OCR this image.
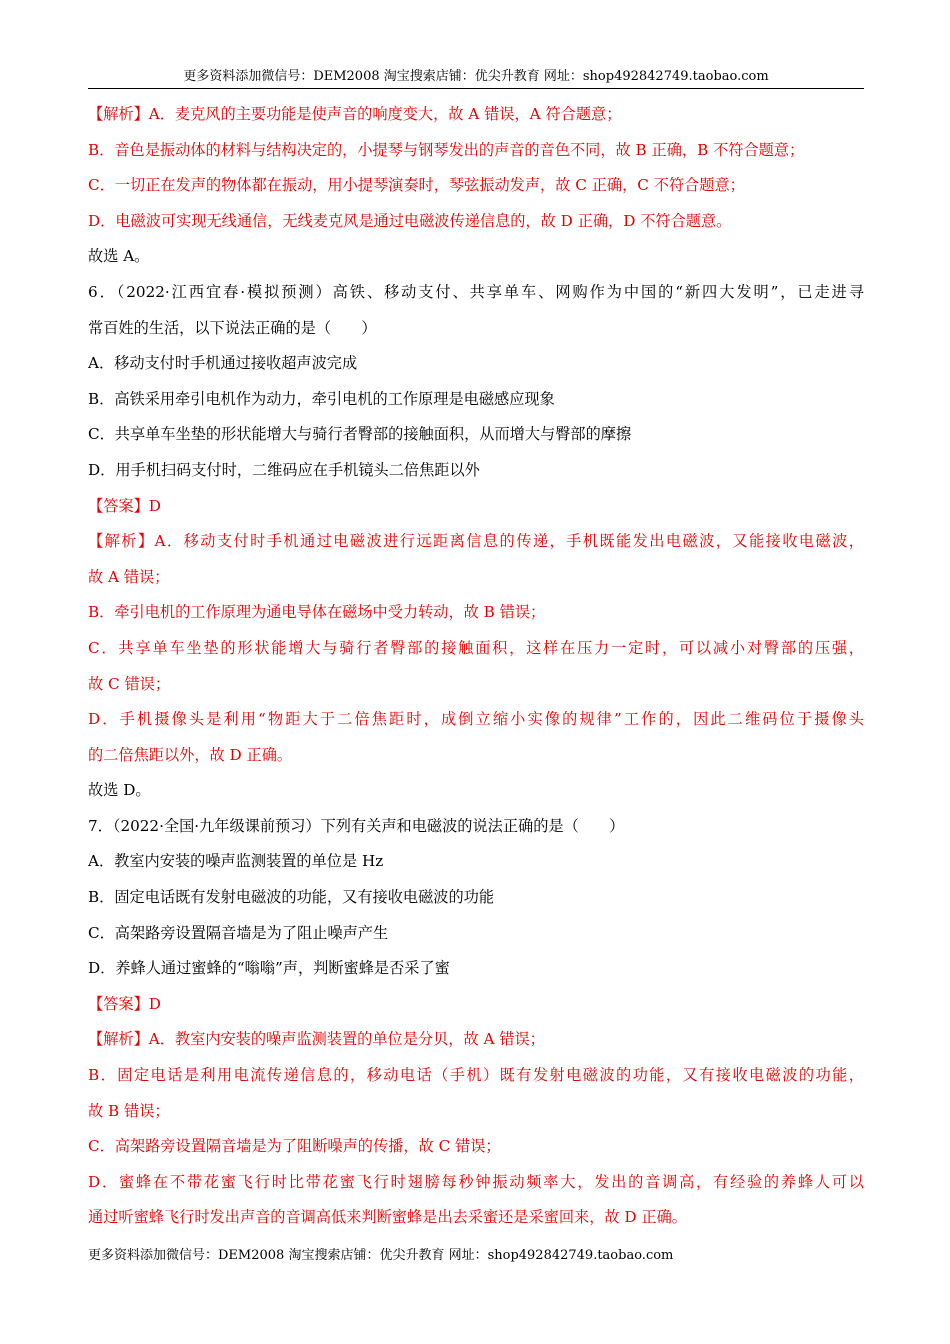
更多资料添加微信号：DEM2008 淘宝搜索店铺：优尖升教育 网址：shop492842749.taobao.com
【解析】A．麦克风的主要功能是使声音的响度变大，故 A 错误，A 符合题意；
B．音色是振动体的材料与结构决定的，小提琴与钢琴发出的声音的音色不同，故 B 正确，B 不符合题意；
C．一切正在发声的物体都在振动，用小提琴演奏时，琴弦振动发声，故 C 正确，C 不符合题意；
D．电磁波可实现无线通信，无线麦克风是通过电磁波传递信息的，故 D 正确，D 不符合题意。
故选 A。
6．（2022·江西宜春·模拟预测）高铁、移动支付、共享单车、网购作为中国的“新四大发明”，已走进寻
常百姓的生活，以下说法正确的是（　　）
A．移动支付时手机通过接收超声波完成
B．高铁采用牵引电机作为动力，牵引电机的工作原理是电磁感应现象
C．共享单车坐垫的形状能增大与骑行者臀部的接触面积，从而增大与臀部的摩擦
D．用手机扫码支付时，二维码应在手机镜头二倍焦距以外
【答案】D
【解析】A．移动支付时手机通过电磁波进行远距离信息的传递，手机既能发出电磁波，又能接收电磁波，
故 A 错误；
B．牵引电机的工作原理为通电导体在磁场中受力转动，故 B 错误；
C．共享单车坐垫的形状能增大与骑行者臀部的接触面积，这样在压力一定时，可以减小对臀部的压强，
故 C 错误；
D．手机摄像头是利用“物距大于二倍焦距时，成倒立缩小实像的规律”工作的，因此二维码位于摄像头
的二倍焦距以外，故 D 正确。
故选 D。
7．（2022·全国·九年级课前预习）下列有关声和电磁波的说法正确的是（　　）
A．教室内安装的噪声监测装置的单位是 Hz
B．固定电话既有发射电磁波的功能，又有接收电磁波的功能
C．高架路旁设置隔音墙是为了阻止噪声产生
D．养蜂人通过蜜蜂的“嗡嗡”声，判断蜜蜂是否采了蜜
【答案】D
【解析】A．教室内安装的噪声监测装置的单位是分贝，故 A 错误；
B．固定电话是利用电流传递信息的，移动电话（手机）既有发射电磁波的功能，又有接收电磁波的功能，
故 B 错误；
C．高架路旁设置隔音墙是为了阻断噪声的传播，故 C 错误；
D．蜜蜂在不带花蜜飞行时比带花蜜飞行时翅膀每秒钟振动频率大，发出的音调高，有经验的养蜂人可以
通过听蜜蜂飞行时发出声音的音调高低来判断蜜蜂是出去采蜜还是采蜜回来，故 D 正确。
更多资料添加微信号：DEM2008 淘宝搜索店铺：优尖升教育 网址：shop492842749.taobao.com
